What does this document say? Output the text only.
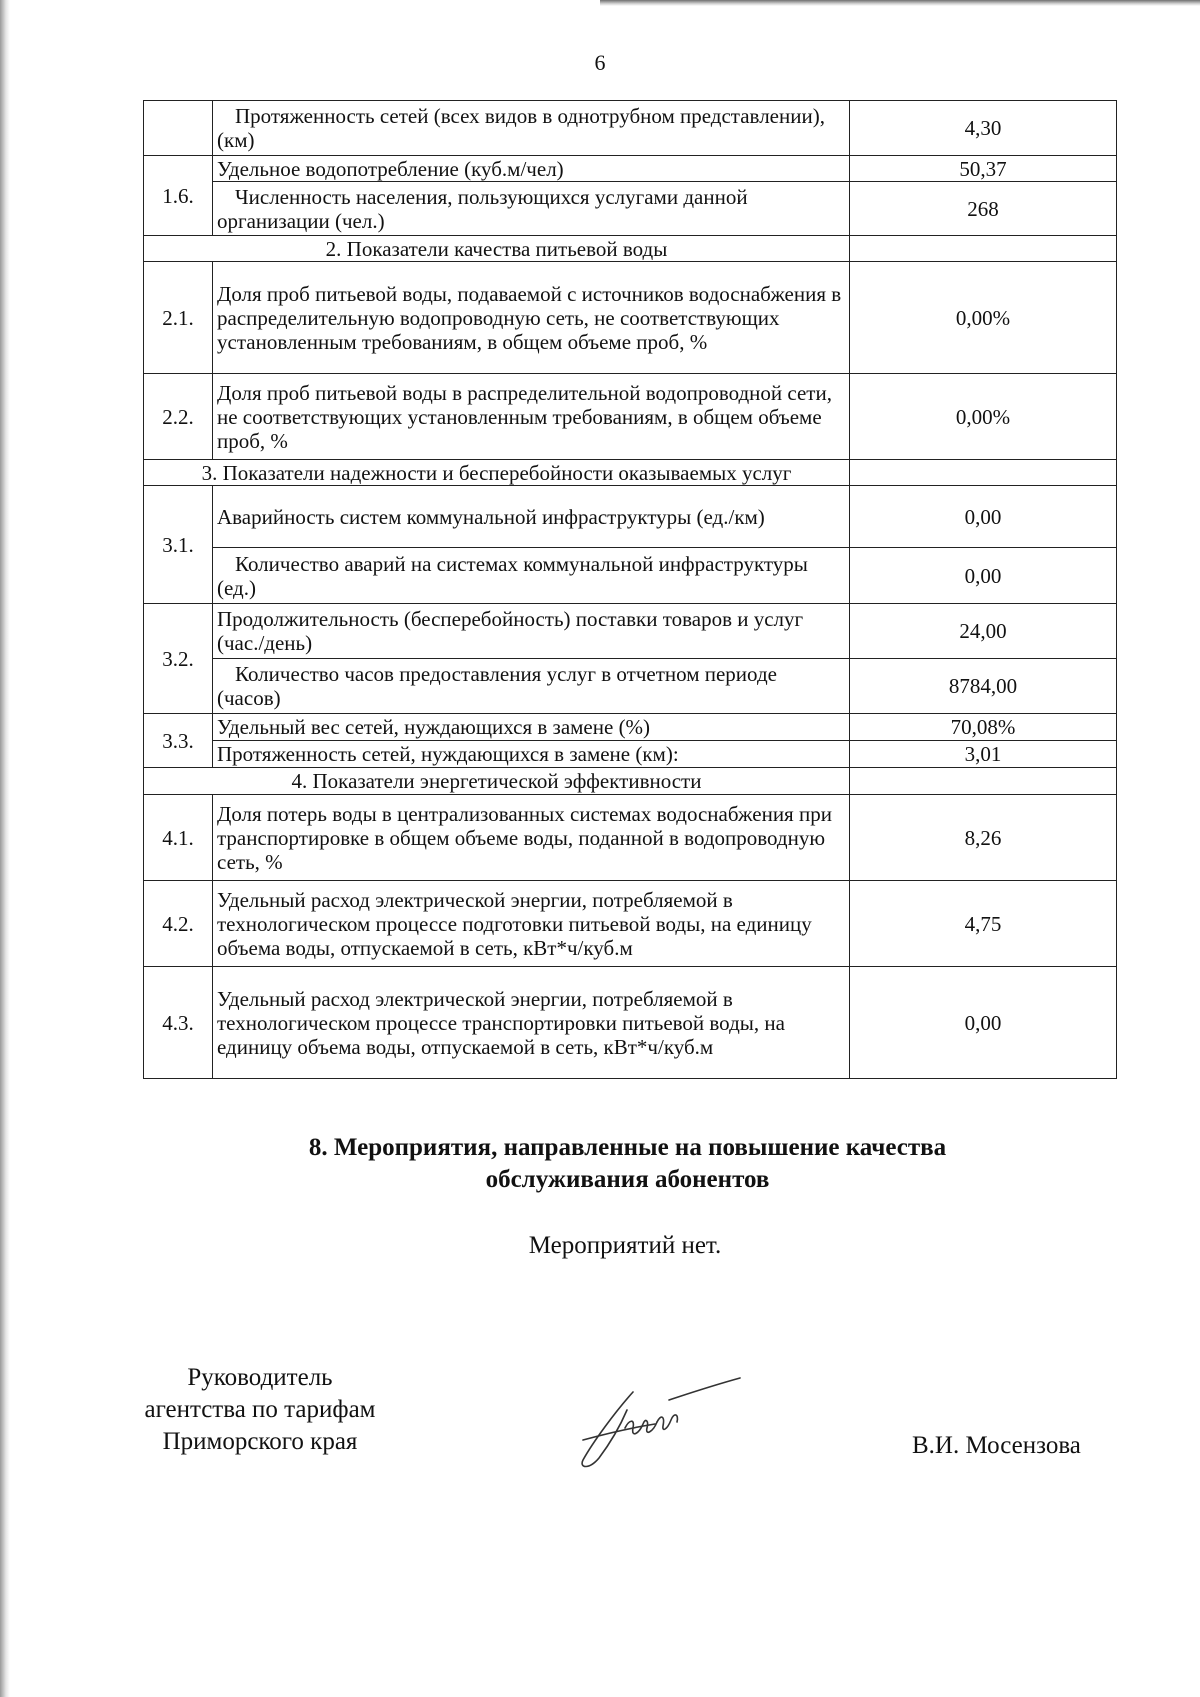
6
	Протяженность сетей (всех видов в однотрубном представлении), (км)	4,30
1.6.	Удельное водопотребление (куб.м/чел)	50,37
	Численность населения, пользующихся услугами данной организации (чел.)	268
2. Показатели качества питьевой воды		
2.1.	Доля проб питьевой воды, подаваемой с источников водоснабжения в распределительную водопроводную сеть, не соответствующих установленным требованиям, в общем объеме проб, %	0,00%
2.2.	Доля проб питьевой воды в распределительной водопроводной сети, не соответствующих установленным требованиям, в общем объеме проб, %	0,00%
3. Показатели надежности и бесперебойности оказываемых услуг		
3.1.	Аварийность систем коммунальной инфраструктуры (ед./км)	0,00
	Количество аварий на системах коммунальной инфраструктуры (ед.)	0,00
3.2.	Продолжительность (бесперебойность) поставки товаров и услуг (час./день)	24,00
	Количество часов предоставления услуг в отчетном периоде (часов)	8784,00
3.3.	Удельный вес сетей, нуждающихся в замене (%)	70,08%
	Протяженность сетей, нуждающихся в замене (км):	3,01
4. Показатели энергетической эффективности		
4.1.	Доля потерь воды в централизованных системах водоснабжения при транспортировке в общем объеме воды, поданной в водопроводную сеть, %	8,26
4.2.	Удельный расход электрической энергии, потребляемой в технологическом процессе подготовки питьевой воды, на единицу объема воды, отпускаемой в сеть, кВт*ч/куб.м	4,75
4.3.	Удельный расход электрической энергии, потребляемой в технологическом процессе транспортировки питьевой воды, на единицу объема воды, отпускаемой в сеть, кВт*ч/куб.м	0,00
8. Мероприятия, направленные на повышение качества
обслуживания абонентов
Мероприятий нет.
Руководитель
агентства по тарифам
Приморского края	В.И. Мосензова
